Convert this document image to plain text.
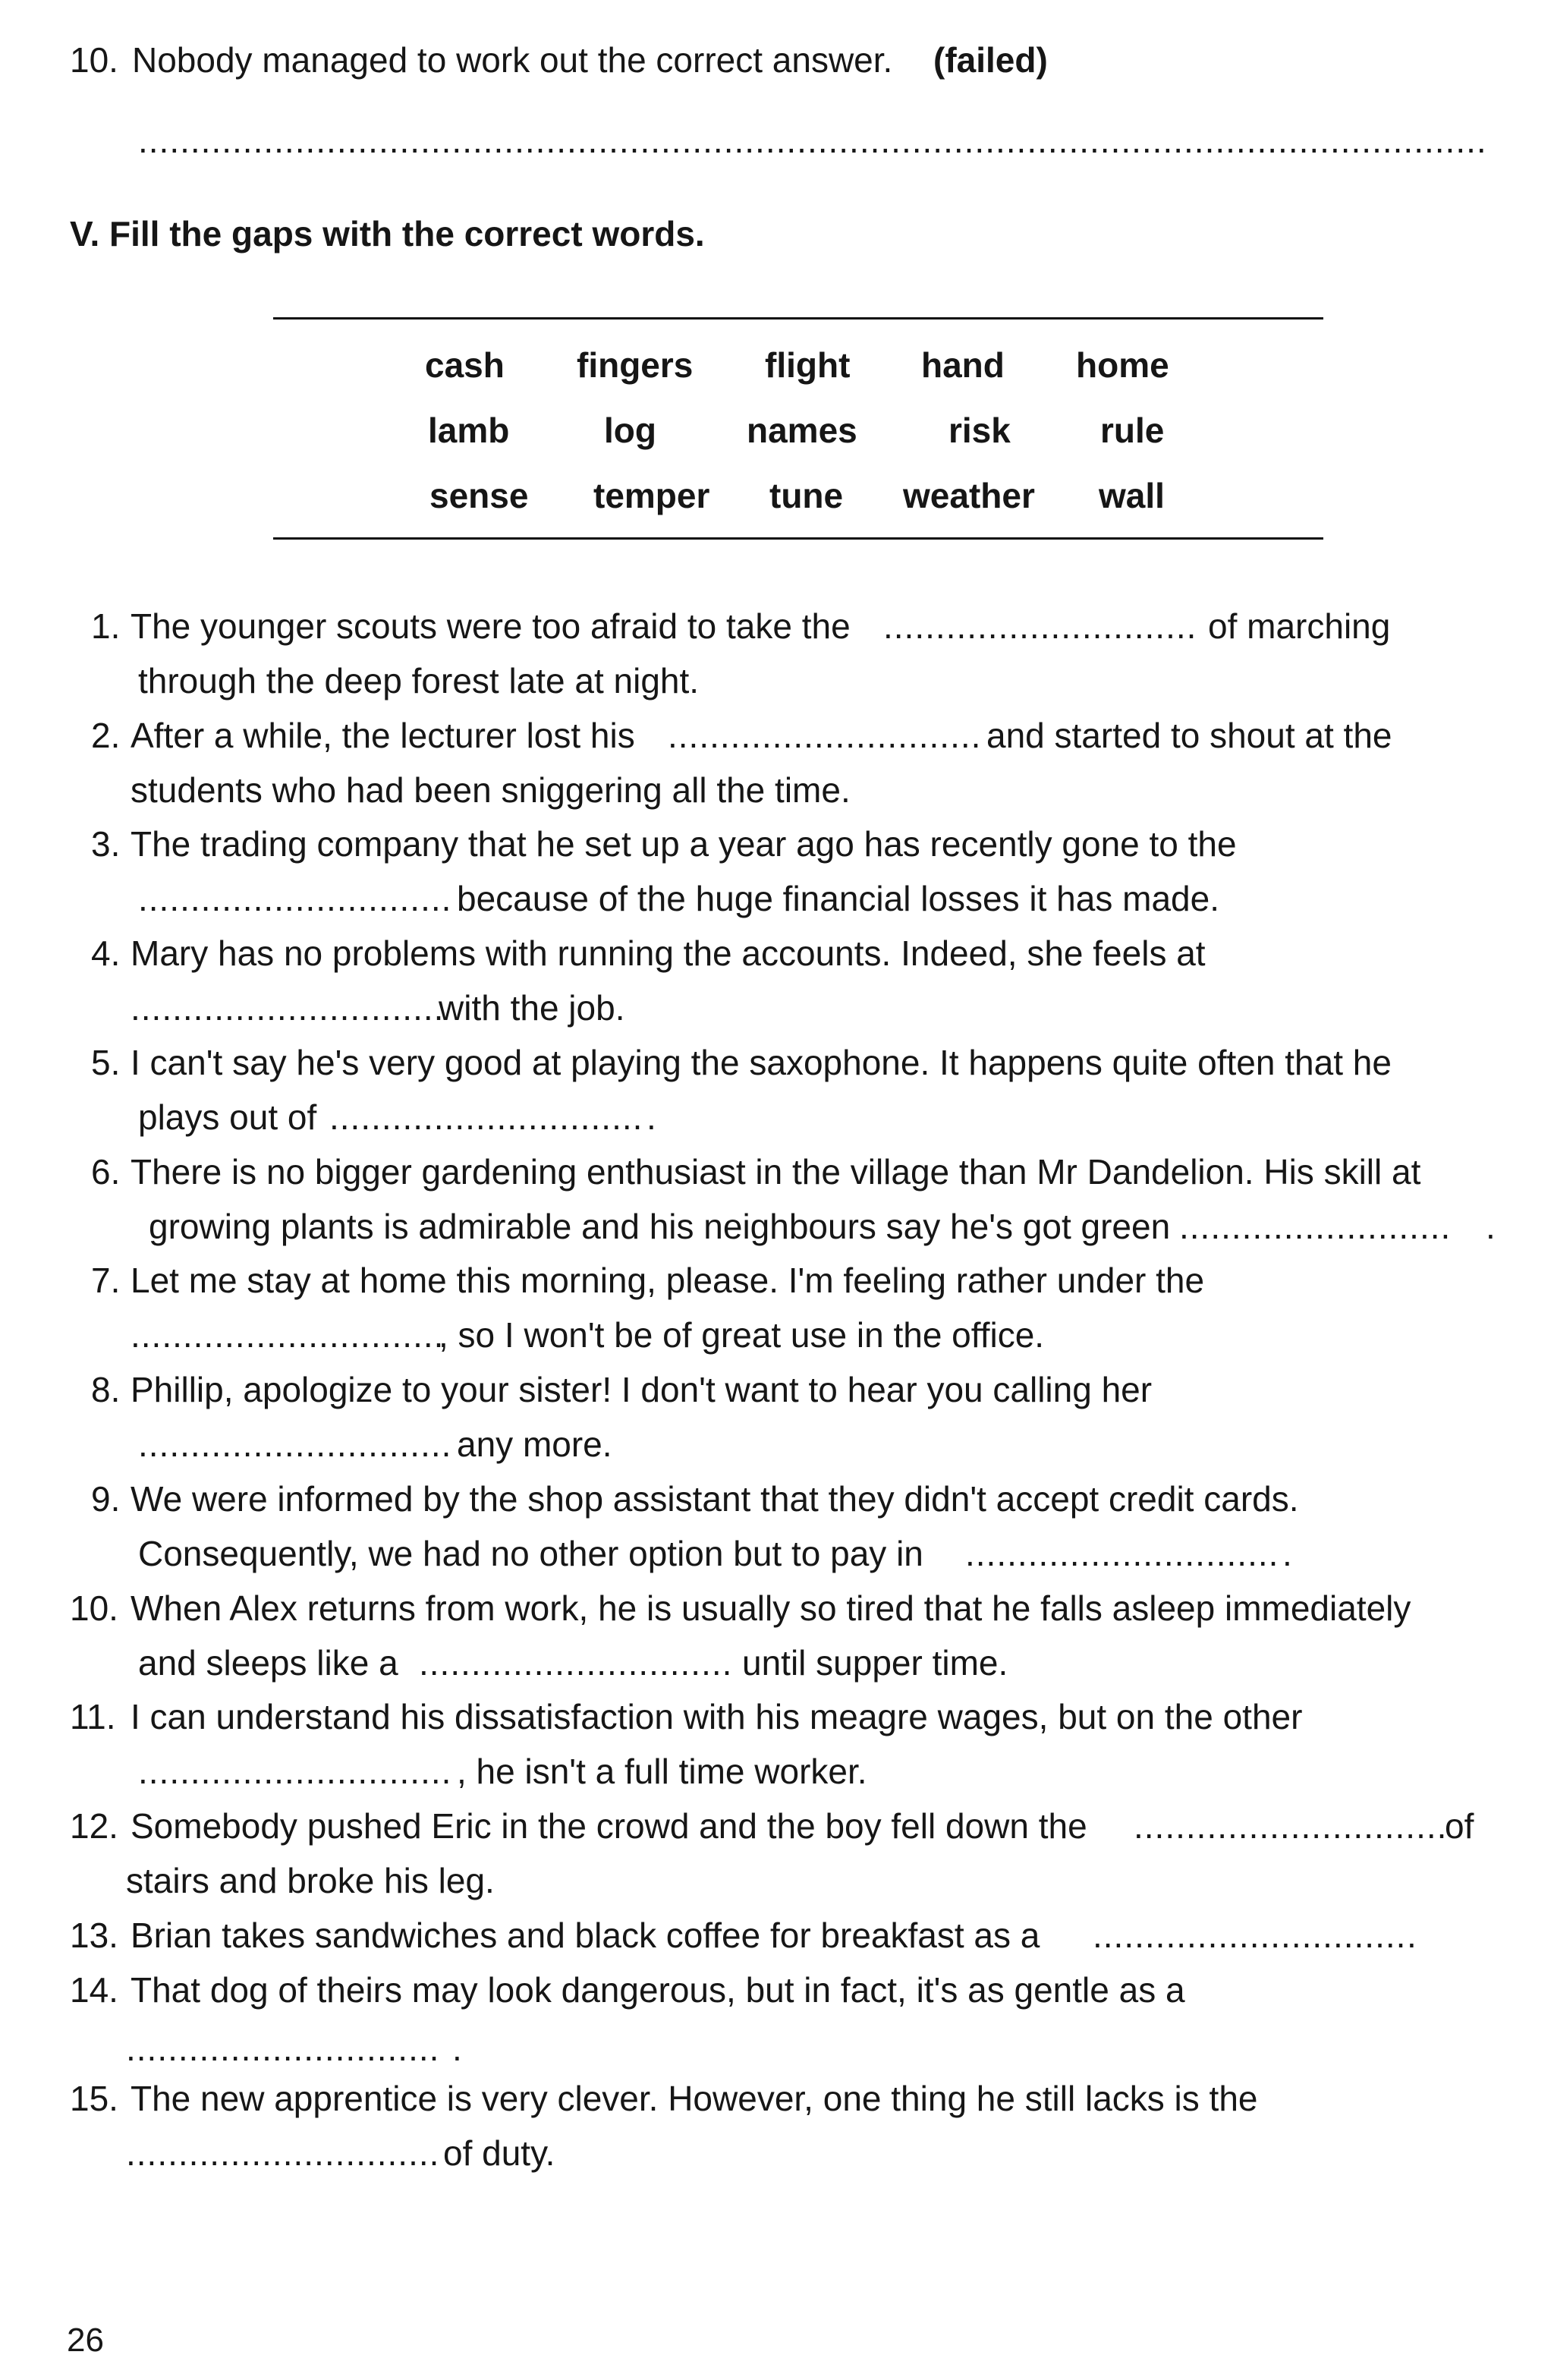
10. Nobody managed to work out the correct answer. (failed)
.................................................................................................................................
V. Fill the gaps with the correct words.
cash fingers flight hand home
lamb	log	names	risk	rule
sense temper tune weather wall
1. The younger scouts were too afraid to take the .............................. of marching
through the deep forest late at night.
2. After a while, the lecturer lost his .............................. and started to shout at the
students who had been sniggering all the time.
3. The trading company that he set up a year ago has recently gone to the
.............................. because of the huge financial losses it has made.
4. Mary has no problems with running the accounts. Indeed, she feels at
..............................
with the job.
5. I can't say he's very good at playing the saxophone. It happens quite often that he
plays out of .............................. .
6. There is no bigger gardening enthusiast in the village than Mr Dandelion. His skill at
growing plants is admirable and his neighbours say he's got green .......................... .
7. Let me stay at home this morning, please. I'm feeling rather under the
..............................
, so I won't be of great use in the office.
8. Phillip, apologize to your sister! I don't want to hear you calling her
.............................. any more.
9. We were informed by the shop assistant that they didn't accept credit cards.
Consequently, we had no other option but to pay in .............................. .
10. When Alex returns from work, he is usually so tired that he falls asleep immediately
and sleeps like a .............................. until supper time.
11. I can understand his dissatisfaction with his meagre wages, but on the other
.............................. , he isn't a full time worker.
12. Somebody pushed Eric in the crowd and the boy fell down the ..............................
of
stairs and broke his leg.
13. Brian takes sandwiches and black coffee for breakfast as a .............................. .
14. That dog of theirs may look dangerous, but in fact, it's as gentle as a
.............................. .
15. The new apprentice is very clever. However, one thing he still lacks is the
.............................. of duty.
26
